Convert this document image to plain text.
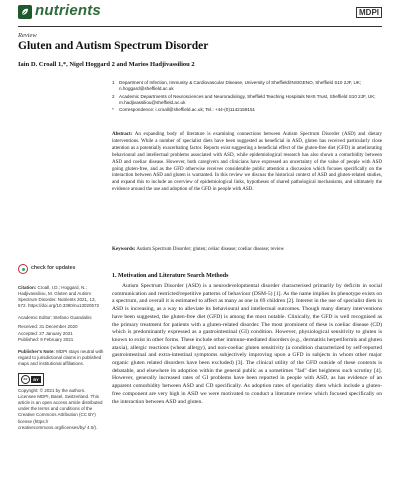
nutrients	MDPI
Review
Gluten and Autism Spectrum Disorder
Iain D. Croall 1,*, Nigel Hoggard 2 and Marios Hadjivassiliou 2
1 Department of Infection, Immunity & Cardiovascular Disease, University of Sheffield/INSIGENO, Sheffield S10 2JF, UK; n.hoggard@sheffield.ac.uk
2 Academic Departments of Neurosciences and Neuroradiology, Sheffield Teaching Hospitals NHS Trust, Sheffield S10 2JF, UK; m.hadjivassiliou@sheffield.ac.uk
*	Correspondence: i.croall@sheffield.ac.uk; Tel.: +44-(0)1142159151
Abstract: An expanding body of literature is examining connections between Autism Spectrum Disorder (ASD) and dietary interventions. While a number of specialist diets have been suggested as beneficial in ASD, gluten has received particularly close attention as a potentially exacerbating factor. Reports exist suggesting a beneficial effect of the gluten-free diet (GFD) in ameliorating behavioural and intellectual problems associated with ASD, while epidemiological research has also shown a comorbidity between ASD and coeliac disease. However, both caregivers and clinicians have expressed an uncertainty of the value of people with ASD going gluten-free, and as the GFD otherwise receives considerable public attention a discussion which focuses specifically on the interaction between ASD and gluten is warranted. In this review we discuss the historical context of ASD and gluten-related studies, and expand this to include an overview of epidemiological links, hypotheses of shared pathological mechanisms, and ultimately the evidence around the use and adoption of the GFD in people with ASD.
Keywords: Autism Spectrum Disorder; gluten; celiac disease; coeliac disease; review
check for updates
Citation: Croall, I.D.; Hoggard, N.; Hadjivassiliou, M. Gluten and Autism Spectrum Disorder. Nutrients 2021, 13, 572. https://doi.org/10.3390/nu13020572
Academic Editor: Stefano Guandalini
Received: 31 December 2020
Accepted: 27 January 2021
Published: 9 February 2021
Publisher's Note: MDPI stays neutral with regard to jurisdictional claims in published maps and institutional affiliations.
cc BY
Copyright: © 2021 by the authors. Licensee MDPI, Basel, Switzerland. This article is an open access article distributed under the terms and conditions of the Creative Commons Attribution (CC BY) license (https:// creativecommons.org/licenses/by/ 4.0/).
1. Motivation and Literature Search Methods

Autism Spectrum Disorder (ASD) is a neurodevelopmental disorder characterised primarily by deficits in social communication and restricted/repetitive patterns of behaviour (DSM-5) [1]. As the name implies its phenotype exists on a spectrum, and overall it is estimated to affect as many as one in 69 children [2]. Interest in the use of specialist diets in ASD is increasing, as a way to alleviate its behavioural and intellectual outcomes. Though many dietary interventions have been suggested, the gluten-free diet (GFD) is among the most notable. Clinically, the GFD is well recognised as the primary treatment for patients with a gluten-related disorder. The most prominent of these is coeliac disease (CD) which is predominantly expressed as a gastrointestinal (GI) condition. However, physiological sensitivity to gluten is known to exist in other forms. These include other immune-mediated disorders (e.g., dermatitis herpetiformis and gluten ataxia), allergic reactions (wheat allergy), and non-coeliac gluten sensitivity (a condition characterized by self-reported gastrointestinal and extra-intestinal symptoms subjectively improving upon a GFD in subjects in whom other major organic gluten related disorders have been excluded) [3]. The clinical utility of the GFD outside of these contexts is debatable, and elsewhere its adoption within the general public as a sometimes "fad" diet heightens such scrutiny [4]. However, generally increased rates of GI problems have been reported in people with ASD, as has evidence of an apparent comorbidity between ASD and CD specifically. As adoption rates of speciality diets which include a gluten-free component are very high in ASD we were motivated to conduct a literature review which focused specifically on the interaction between ASD and gluten.
